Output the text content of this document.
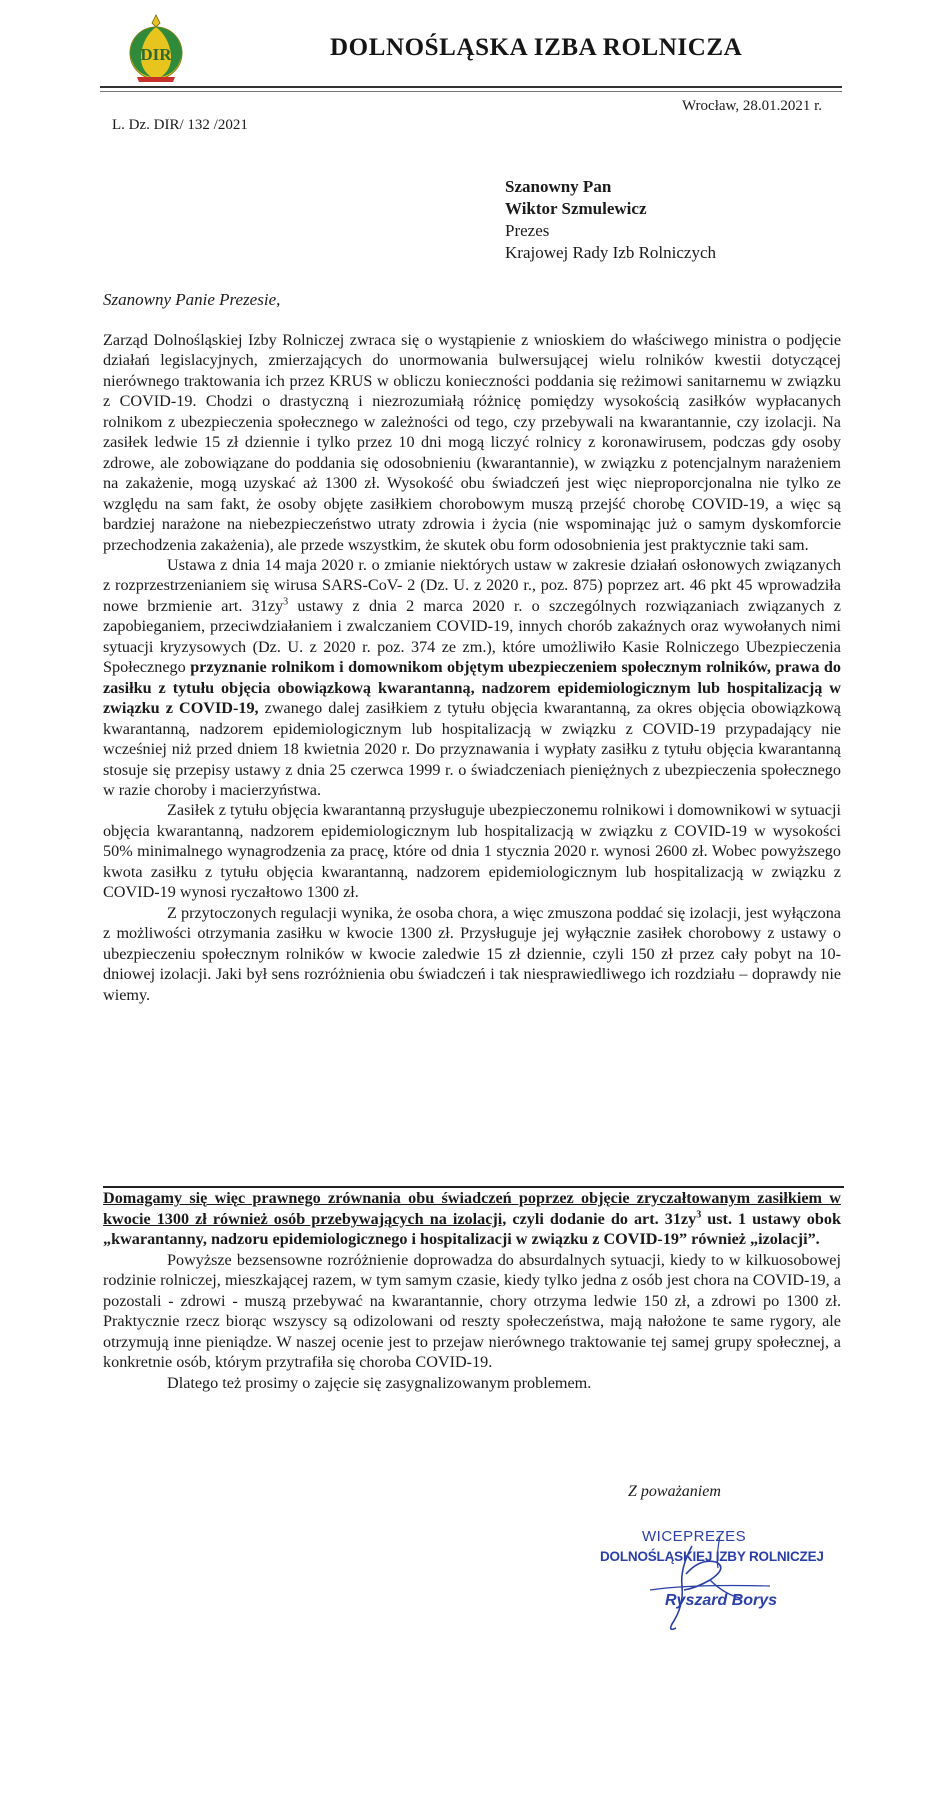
DIR	DOLNOŚLĄSKA IZBA ROLNICZA
Wrocław, 28.01.2021 r.
L. Dz. DIR/ 132 /2021
Szanowny Pan
Wiktor Szmulewicz
Prezes
Krajowej Rady Izb Rolniczych
Szanowny Panie Prezesie,

Zarząd Dolnośląskiej Izby Rolniczej zwraca się o wystąpienie z wnioskiem do właściwego ministra o podjęcie działań legislacyjnych, zmierzających do unormowania bulwersującej wielu rolników kwestii dotyczącej nierównego traktowania ich przez KRUS w obliczu konieczności poddania się reżimowi sanitarnemu w związku z COVID-19. Chodzi o drastyczną i niezrozumiałą różnicę pomiędzy wysokością zasiłków wypłacanych rolnikom z ubezpieczenia społecznego w zależności od tego, czy przebywali na kwarantannie, czy izolacji. Na zasiłek ledwie 15 zł dziennie i tylko przez 10 dni mogą liczyć rolnicy z koronawirusem, podczas gdy osoby zdrowe, ale zobowiązane do poddania się odosobnieniu (kwarantannie), w związku z potencjalnym narażeniem na zakażenie, mogą uzyskać aż 1300 zł. Wysokość obu świadczeń jest więc nieproporcjonalna nie tylko ze względu na sam fakt, że osoby objęte zasiłkiem chorobowym muszą przejść chorobę COVID-19, a więc są bardziej narażone na niebezpieczeństwo utraty zdrowia i życia (nie wspominając już o samym dyskomforcie przechodzenia zakażenia), ale przede wszystkim, że skutek obu form odosobnienia jest praktycznie taki sam.

Ustawa z dnia 14 maja 2020 r. o zmianie niektórych ustaw w zakresie działań osłonowych związanych z rozprzestrzenianiem się wirusa SARS-CoV- 2 (Dz. U. z 2020 r., poz. 875) poprzez art. 46 pkt 45 wprowadziła nowe brzmienie art. $31zy^3$ ustawy z dnia 2 marca 2020 r. o szczególnych rozwiązaniach związanych z zapobieganiem, przeciwdziałaniem i zwalczaniem COVID-19, innych chorób zakaźnych oraz wywołanych nimi sytuacji kryzysowych (Dz. U. z 2020 r. poz. 374 ze zm.), które umożliwiło Kasie Rolniczego Ubezpieczenia Społecznego przyznanie rolnikom i domownikom objętym ubezpieczeniem społecznym rolników, prawa do zasiłku z tytułu objęcia obowiązkową kwarantanną, nadzorem epidemiologicznym lub hospitalizacją w związku z COVID-19, zwanego dalej zasiłkiem z tytułu objęcia kwarantanną, za okres objęcia obowiązkową kwarantanną, nadzorem epidemiologicznym lub hospitalizacją w związku z COVID-19 przypadający nie wcześniej niż przed dniem 18 kwietnia 2020 r. Do przyznawania i wypłaty zasiłku z tytułu objęcia kwarantanną stosuje się przepisy ustawy z dnia 25 czerwca 1999 r. o świadczeniach pieniężnych z ubezpieczenia społecznego w razie choroby i macierzyństwa.

Zasiłek z tytułu objęcia kwarantanną przysługuje ubezpieczonemu rolnikowi i domownikowi w sytuacji objęcia kwarantanną, nadzorem epidemiologicznym lub hospitalizacją w związku z COVID-19 w wysokości 50% minimalnego wynagrodzenia za pracę, które od dnia 1 stycznia 2020 r. wynosi 2600 zł. Wobec powyższego kwota zasiłku z tytułu objęcia kwarantanną, nadzorem epidemiologicznym lub hospitalizacją w związku z COVID-19 wynosi ryczałtowo 1300 zł.

Z przytoczonych regulacji wynika, że osoba chora, a więc zmuszona poddać się izolacji, jest wyłączona z możliwości otrzymania zasiłku w kwocie 1300 zł. Przysługuje jej wyłącznie zasiłek chorobowy z ustawy o ubezpieczeniu społecznym rolników w kwocie zaledwie 15 zł dziennie, czyli 150 zł przez cały pobyt na 10-dniowej izolacji. Jaki był sens rozróżnienia obu świadczeń i tak niesprawiedliwego ich rozdziału – doprawdy nie wiemy.

Domagamy się więc prawnego zrównania obu świadczeń poprzez objęcie zryczałtowanym zasiłkiem w kwocie 1300 zł również osób przebywających na izolacji, czyli dodanie do art. $31zy^3$ ust. 1 ustawy obok „kwarantanny, nadzoru epidemiologicznego i hospitalizacji w związku z COVID-19” również „izolacji”.

Powyższe bezsensowne rozróżnienie doprowadza do absurdalnych sytuacji, kiedy to w kilkuosobowej rodzinie rolniczej, mieszkającej razem, w tym samym czasie, kiedy tylko jedna z osób jest chora na COVID-19, a pozostali - zdrowi - muszą przebywać na kwarantannie, chory otrzyma ledwie 150 zł, a zdrowi po 1300 zł. Praktycznie rzecz biorąc wszyscy są odizolowani od reszty społeczeństwa, mają nałożone te same rygory, ale otrzymują inne pieniądze. W naszej ocenie jest to przejaw nierównego traktowanie tej samej grupy społecznej, a konkretnie osób, którym przytrafiła się choroba COVID-19.

Dlatego też prosimy o zajęcie się zasygnalizowanym problemem.

Z poważaniem
WICEPREZES
DOLNOŚLĄSKIEJ IZBY ROLNICZEJ
Ryszard Borys
